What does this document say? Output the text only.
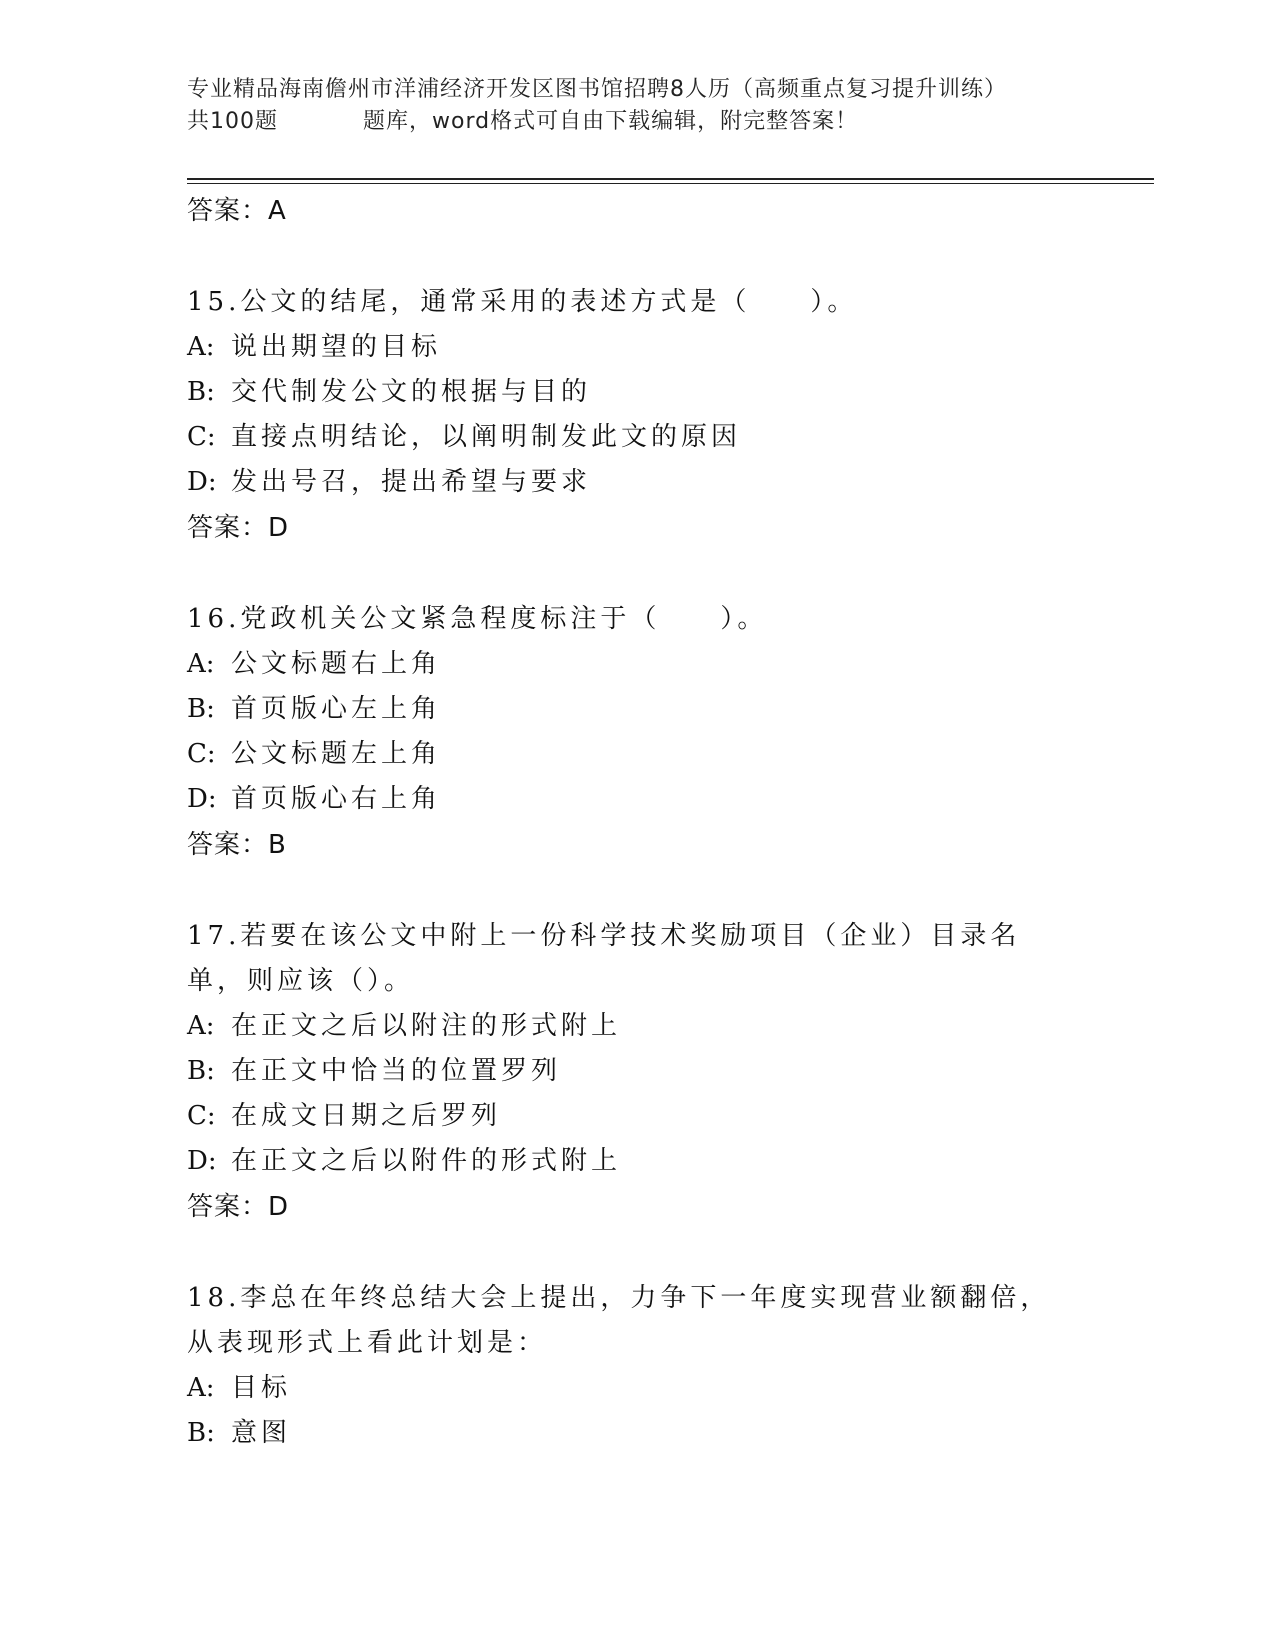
专业精品海南儋州市洋浦经济开发区图书馆招聘8人历（高频重点复习提升训练）
共100题	题库，word格式可自由下载编辑，附完整答案！
答案：A
15.公文的结尾，通常采用的表述方式是（　　）。
A: 说出期望的目标
B: 交代制发公文的根据与目的
C: 直接点明结论，以阐明制发此文的原因
D: 发出号召，提出希望与要求
答案：D
16.党政机关公文紧急程度标注于（　　）。
A: 公文标题右上角
B: 首页版心左上角
C: 公文标题左上角
D: 首页版心右上角
答案：B
17.若要在该公文中附上一份科学技术奖励项目（企业）目录名单，则应该（）。
A: 在正文之后以附注的形式附上
B: 在正文中恰当的位置罗列
C: 在成文日期之后罗列
D: 在正文之后以附件的形式附上
答案：D
18.李总在年终总结大会上提出，力争下一年度实现营业额翻倍，从表现形式上看此计划是：
A: 目标
B: 意图
